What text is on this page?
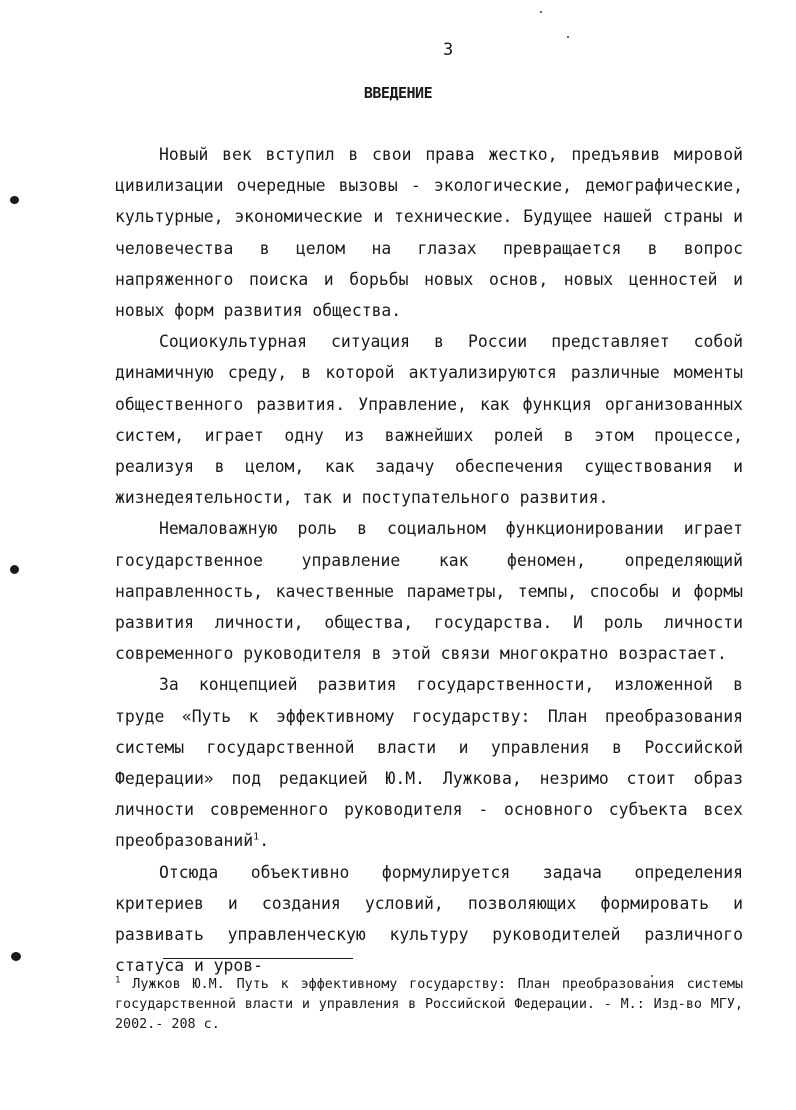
3
ВВЕДЕНИЕ

Новый век вступил в свои права жестко, предъявив мировой цивилизации очередные вызовы - экологические, демографические, культурные, экономические и технические. Будущее нашей страны и человечества в целом на глазах превращается в вопрос напряженного поиска и борьбы новых основ, новых ценностей и новых форм развития общества.

Социокультурная ситуация в России представляет собой динамичную среду, в которой актуализируются различные моменты общественного развития. Управление, как функция организованных систем, играет одну из важнейших ролей в этом процессе, реализуя в целом, как задачу обеспечения существования и жизнедеятельности, так и поступательного развития.

Немаловажную роль в социальном функционировании играет государственное управление как феномен, определяющий направленность, качественные параметры, темпы, способы и формы развития личности, общества, государства. И роль личности современного руководителя в этой связи многократно возрастает.

За концепцией развития государственности, изложенной в труде «Путь к эффективному государству: План преобразования системы государственной власти и управления в Российской Федерации» под редакцией Ю.М. Лужкова, незримо стоит образ личности современного руководителя - основного субъекта всех преобразований$^1$.

Отсюда объективно формулируется задача определения критериев и создания условий, позволяющих формировать и развивать управленческую культуру руководителей различного статуса и уров-

$^1$ Лужков Ю.М. Путь к эффективному государству: План преобразования системы государственной власти и управления в Российской Федерации. - М.: Изд-во МГУ, 2002.- 208 с.
